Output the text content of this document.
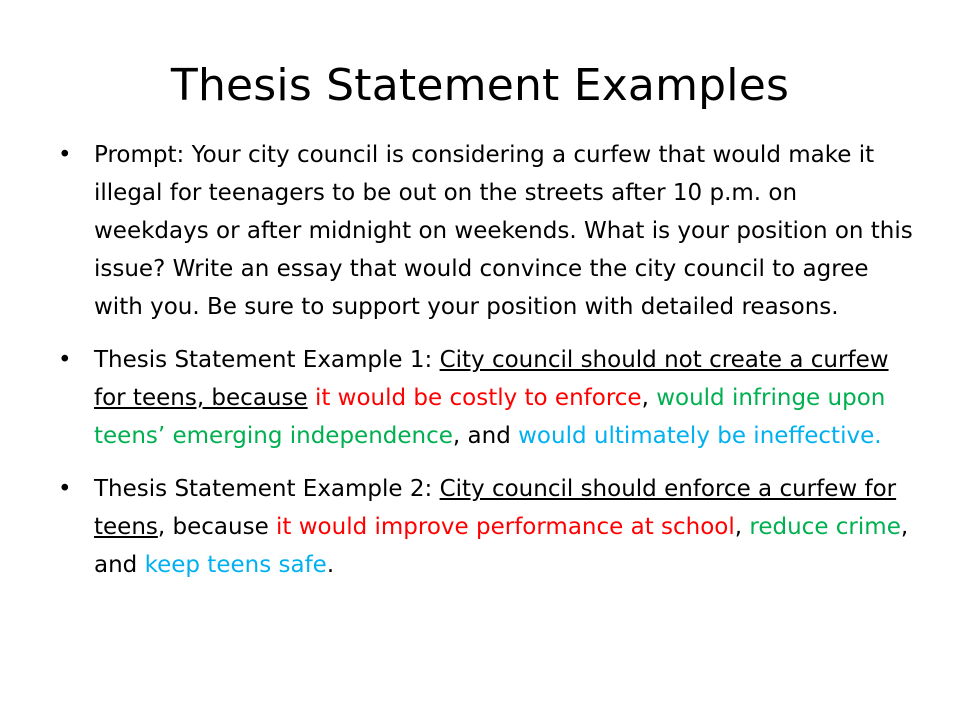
Thesis Statement Examples
• Prompt: Your city council is considering a curfew that would make it illegal for teenagers to be out on the streets after 10 p.m. on weekdays or after midnight on weekends. What is your position on this issue? Write an essay that would convince the city council to agree with you. Be sure to support your position with detailed reasons.
• Thesis Statement Example 1: City council should not create a curfew for teens, because it would be costly to enforce, would infringe upon teens’ emerging independence, and would ultimately be ineffective.
• Thesis Statement Example 2: City council should enforce a curfew for teens, because it would improve performance at school, reduce crime, and keep teens safe.
